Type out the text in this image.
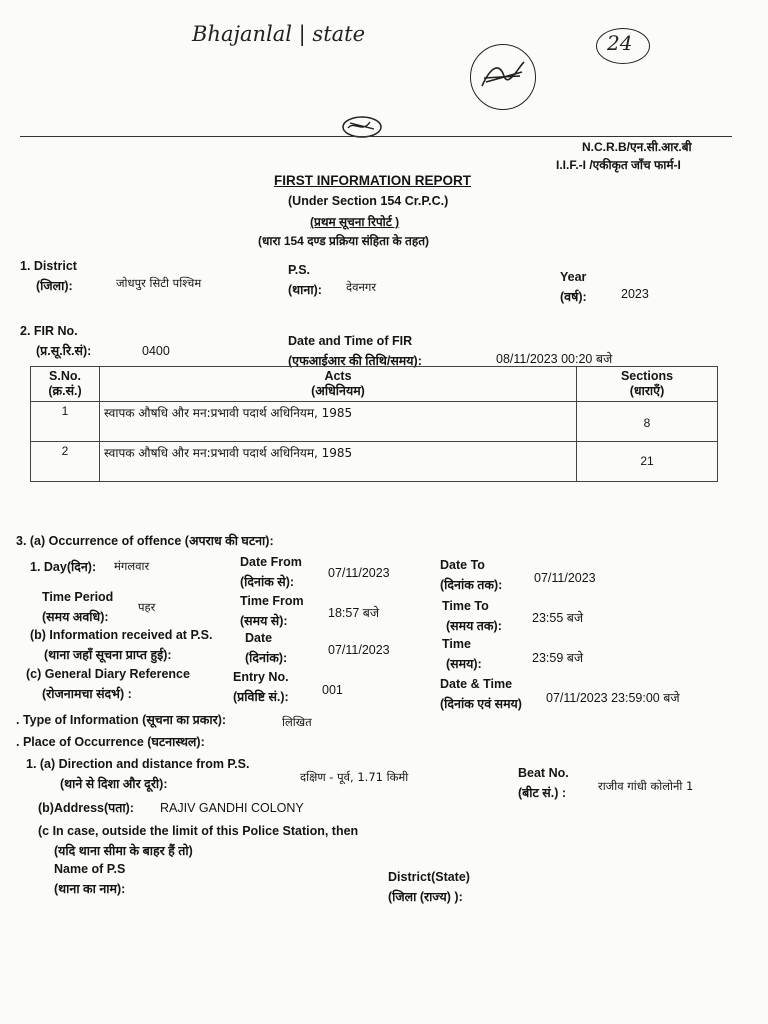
Bhajanlal | state	24
N.C.R.B/एन.सी.आर.बी
I.I.F.-I /एकीकृत जाँच फार्म-I
FIRST INFORMATION REPORT
(Under Section 154 Cr.P.C.)
(प्रथम सूचना रिपोर्ट )
(धारा 154 दण्ड प्रक्रिया संहिता के तहत)
1. District
(जिला):	जोधपुर सिटी पश्चिम
P.S.
(थाना): देवनगर
Year
(वर्ष):	2023
2. FIR No.
(प्र.सू.रि.सं):	0400
Date and Time of FIR
(एफआईआर की तिथि/समय):	08/11/2023 00:20 बजे
S.No.
(क्र.सं.)	Acts
(अधिनियम)	Sections
(धाराएँ)
1	स्वापक औषधि और मन:प्रभावी पदार्थ अधिनियम, 1985	8
2	स्वापक औषधि और मन:प्रभावी पदार्थ अधिनियम, 1985	21
3. (a) Occurrence of offence (अपराध की घटना):
1. Day(दिन): मंगलवार	Date From
(दिनांक से):
07/11/2023
Date To
(दिनांक तक):	07/11/2023
Time Period
(समय अवधि):
पहर	Time From
(समय से):
18:57 बजे	Time To
(समय तक):
23:55 बजे
(b) Information received at P.S.
(थाना जहाँ सूचना प्राप्त हुई):
Date
(दिनांक):
07/11/2023	Time
(समय):	23:59 बजे
(c) General Diary Reference
(रोजनामचा संदर्भ) :
Entry No.
(प्रविष्टि सं.):	001	Date & Time
(दिनांक एवं समय) 07/11/2023 23:59:00 बजे
. Type of Information (सूचना का प्रकार):	लिखित
. Place of Occurrence (घटनास्थल):
1. (a) Direction and distance from P.S.
(थाने से दिशा और दूरी):	दक्षिण - पूर्व, 1.71 किमी	Beat No.
(बीट सं.) :	राजीव गांधी कोलोनी 1
(b)Address(पता): RAJIV GANDHI COLONY
(c In case, outside the limit of this Police Station, then
(यदि थाना सीमा के बाहर हैं तो)
Name of P.S
(थाना का नाम):
District(State)
(जिला (राज्य) ):
